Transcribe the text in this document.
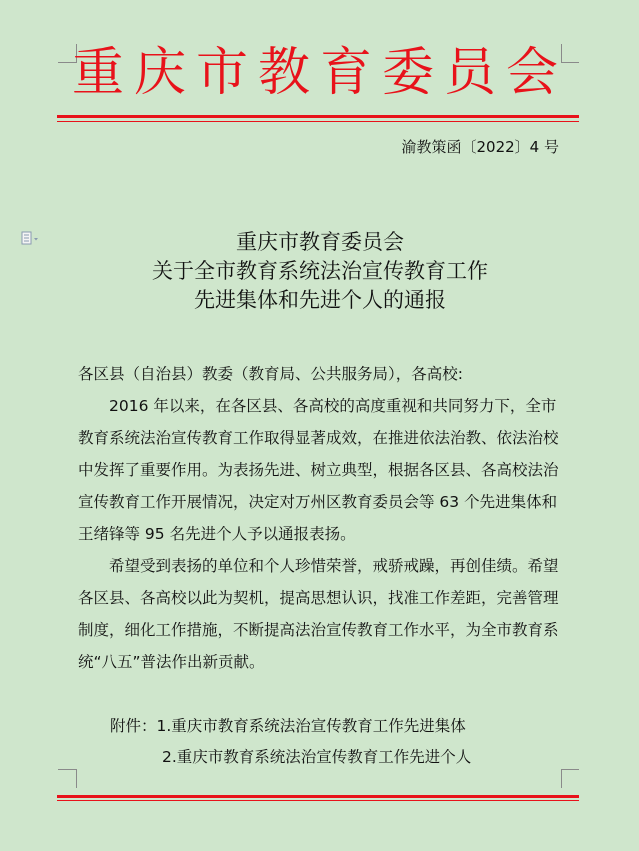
重庆市教育委员会
渝教策函〔2022〕4 号
重庆市教育委员会
关于全市教育系统法治宣传教育工作
先进集体和先进个人的通报

各区县（自治县）教委（教育局、公共服务局），各高校:

2016 年以来，在各区县、各高校的高度重视和共同努力下，全市教育系统法治宣传教育工作取得显著成效，在推进依法治教、依法治校中发挥了重要作用。为表扬先进、树立典型，根据各区县、各高校法治宣传教育工作开展情况，决定对万州区教育委员会等 63 个先进集体和王绪锋等 95 名先进个人予以通报表扬。

希望受到表扬的单位和个人珍惜荣誉，戒骄戒躁，再创佳绩。希望各区县、各高校以此为契机，提高思想认识，找准工作差距，完善管理制度，细化工作措施，不断提高法治宣传教育工作水平，为全市教育系统“八五”普法作出新贡献。

附件：1.重庆市教育系统法治宣传教育工作先进集体
2.重庆市教育系统法治宣传教育工作先进个人
